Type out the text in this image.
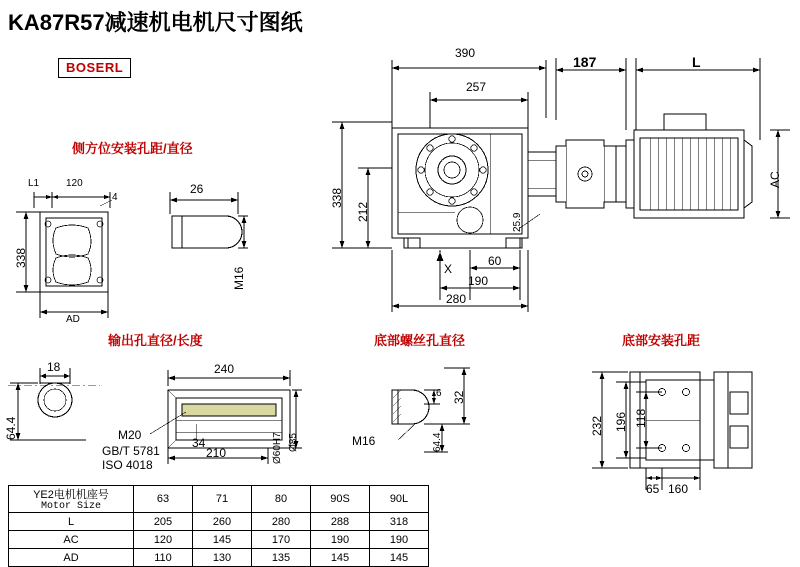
KA87R57减速机电机尺寸图纸
BOSERL
侧方位安装孔距/直径
输出孔直径/长度	底部螺丝孔直径	底部安装孔距
390
257
187	L
338
212
25.9
AC
X
60
190
280
L1	120
4
338
AD
26
M16
18
64.4
240
210
34	Ø85
Ø60H7
M20
GB/T 5781
ISO 4018
32
6
64.4
M16
232 196 118
65 160
YE2电机机座号
Motor Size	63	71	80	90S	90L
L	205	260	280	288	318
AC	120	145	170	190	190
AD	110	130	135	145	145
